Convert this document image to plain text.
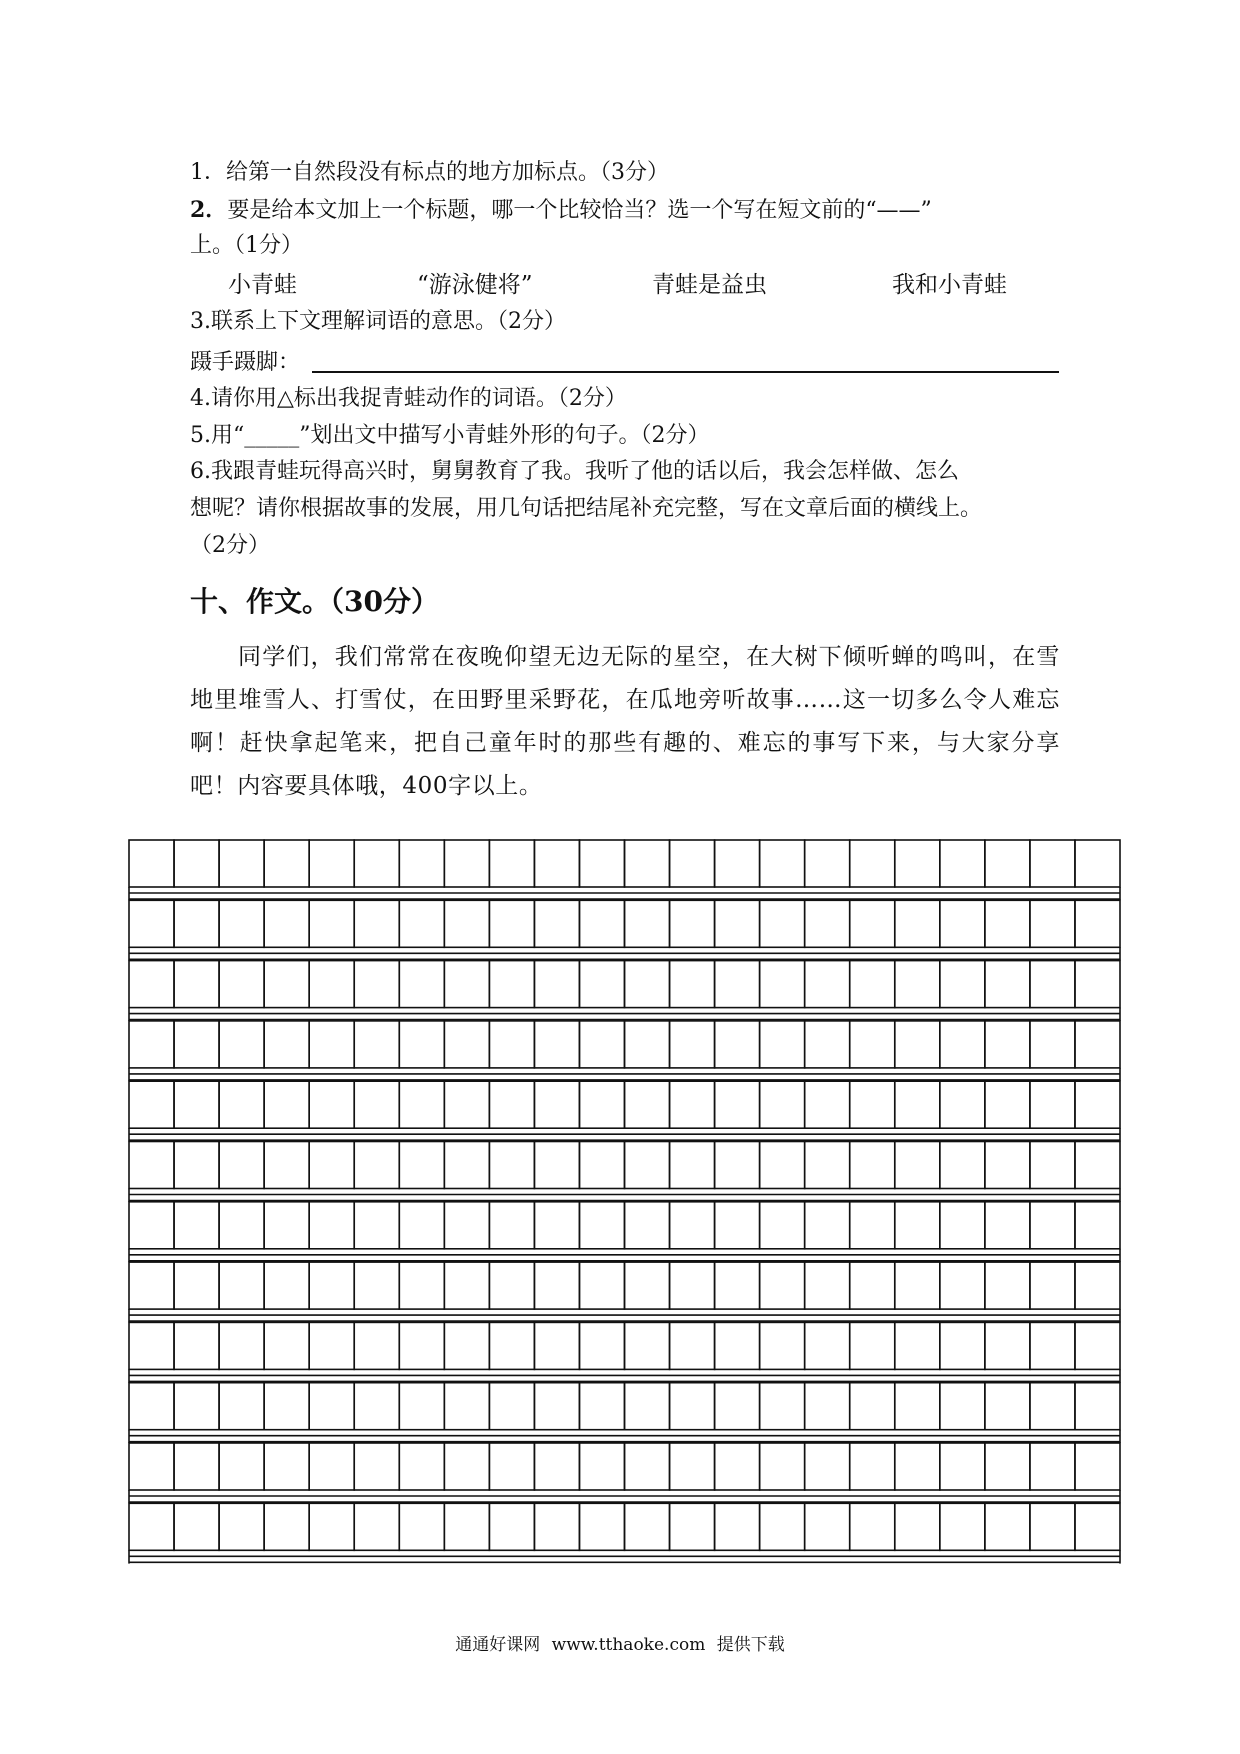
1．给第一自然段没有标点的地方加标点。（3分）
2．要是给本文加上一个标题，哪一个比较恰当？选一个写在短文前的“——”
上。（1分）
小青蛙	“游泳健将”	青蛙是益虫	我和小青蛙
3.联系上下文理解词语的意思。（2分）
蹑手蹑脚：
4.请你用△标出我捉青蛙动作的词语。（2分）
5.用“_____”划出文中描写小青蛙外形的句子。（2分）
6.我跟青蛙玩得高兴时，舅舅教育了我。我听了他的话以后，我会怎样做、怎么
想呢？请你根据故事的发展，用几句话把结尾补充完整，写在文章后面的横线上。
（2分）
十、作文。（30分）
同学们，我们常常在夜晚仰望无边无际的星空，在大树下倾听蝉的鸣叫，在雪地里堆雪人、打雪仗，在田野里采野花，在瓜地旁听故事……这一切多么令人难忘啊！赶快拿起笔来，把自己童年时的那些有趣的、难忘的事写下来，与大家分享吧！内容要具体哦，400字以上。
通通好课网 www.tthaoke.com 提供下载
